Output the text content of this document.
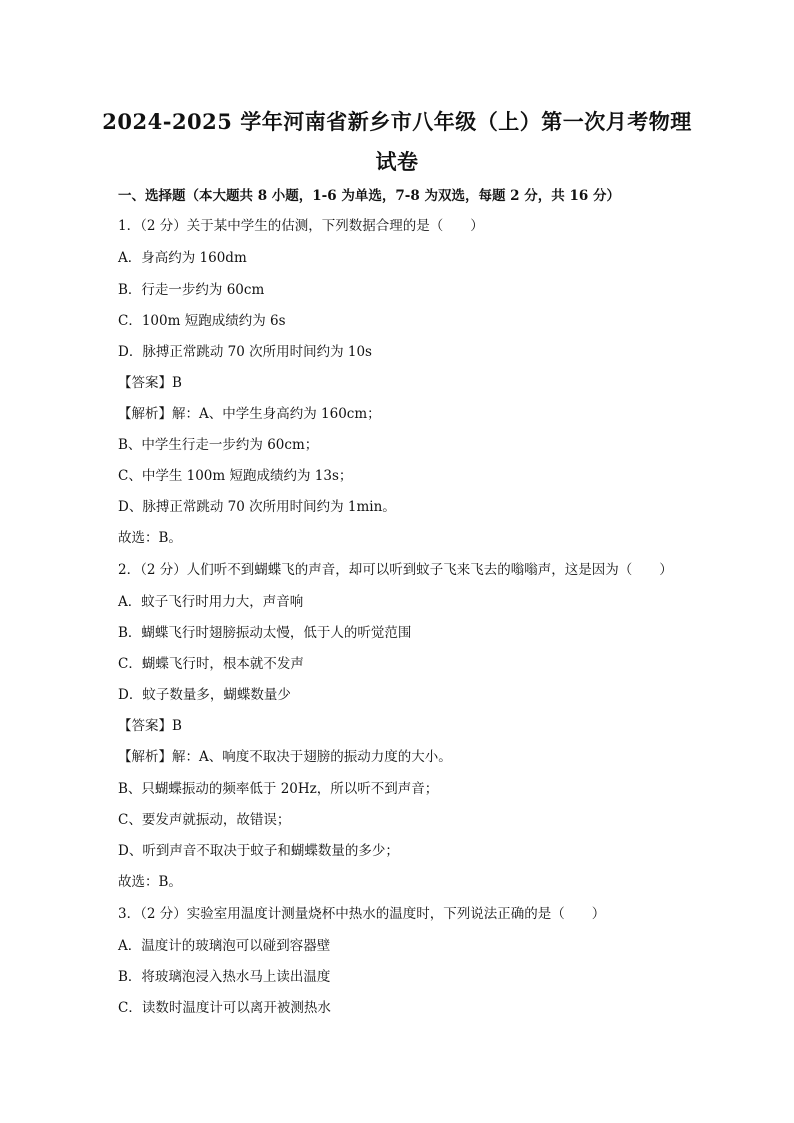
2024-2025 学年河南省新乡市八年级（上）第一次月考物理
试卷
一、选择题（本大题共 8 小题，1-6 为单选，7-8 为双选，每题 2 分，共 16 分）
1．（2 分）关于某中学生的估测，下列数据合理的是（　　）
A．身高约为 160dm
B．行走一步约为 60cm
C．100m 短跑成绩约为 6s
D．脉搏正常跳动 70 次所用时间约为 10s
【答案】B
【解析】解：A、中学生身高约为 160cm；
B、中学生行走一步约为 60cm；
C、中学生 100m 短跑成绩约为 13s；
D、脉搏正常跳动 70 次所用时间约为 1min。
故选：B。
2．（2 分）人们听不到蝴蝶飞的声音，却可以听到蚊子飞来飞去的嗡嗡声，这是因为（　　）
A．蚊子飞行时用力大，声音响
B．蝴蝶飞行时翅膀振动太慢，低于人的听觉范围
C．蝴蝶飞行时，根本就不发声
D．蚊子数量多，蝴蝶数量少
【答案】B
【解析】解：A、响度不取决于翅膀的振动力度的大小。
B、只蝴蝶振动的频率低于 20Hz，所以听不到声音；
C、要发声就振动，故错误；
D、听到声音不取决于蚊子和蝴蝶数量的多少；
故选：B。
3．（2 分）实验室用温度计测量烧杯中热水的温度时，下列说法正确的是（　　）
A．温度计的玻璃泡可以碰到容器壁
B．将玻璃泡浸入热水马上读出温度
C．读数时温度计可以离开被测热水
